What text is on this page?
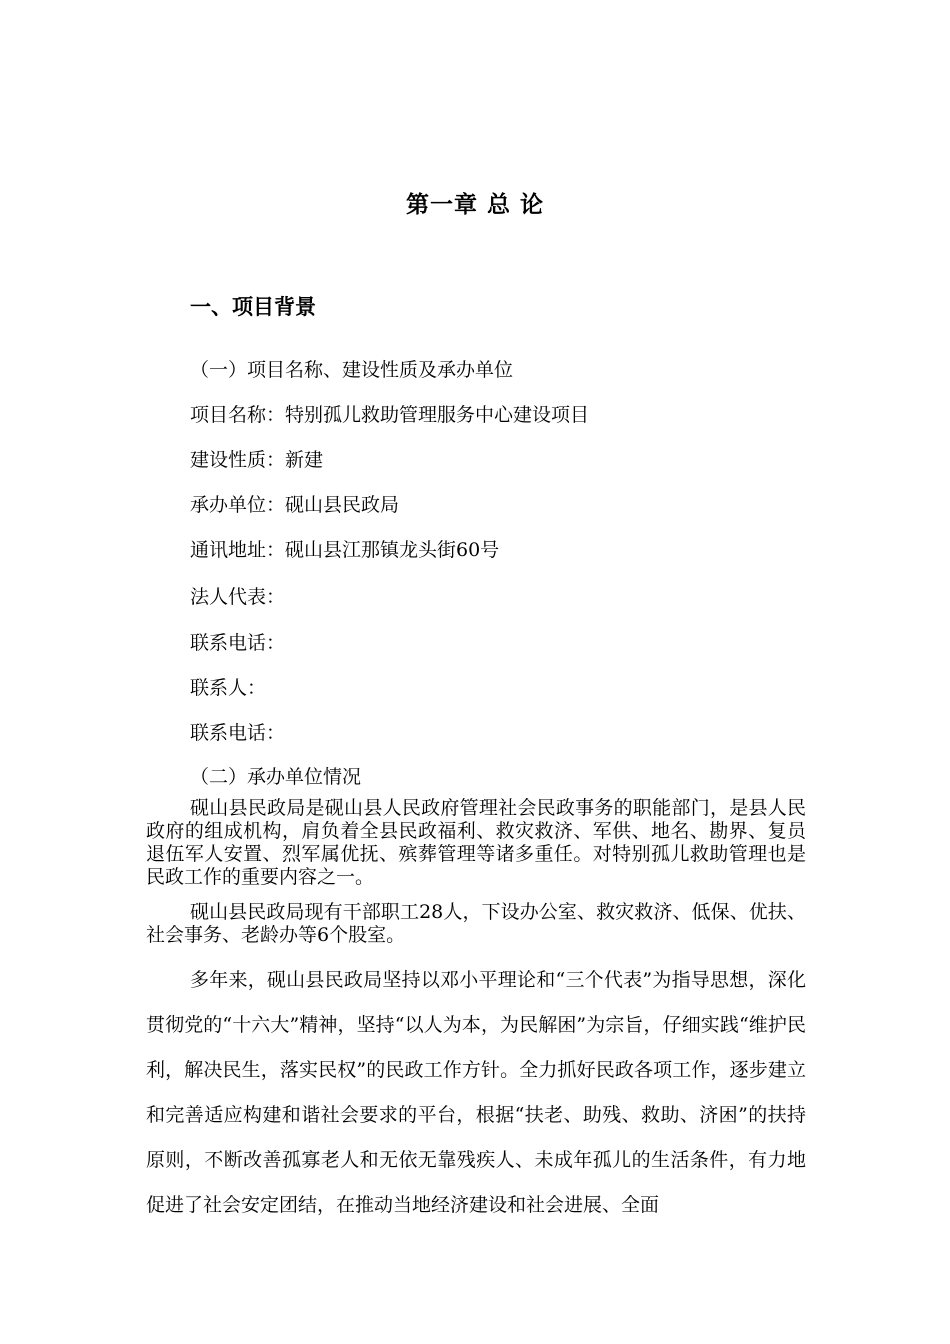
第一章 总 论
一、项目背景
（一）项目名称、建设性质及承办单位
项目名称：特别孤儿救助管理服务中心建设项目
建设性质：新建
承办单位：砚山县民政局
通讯地址：砚山县江那镇龙头街60号
法人代表：
联系电话：
联系人：
联系电话：
（二）承办单位情况

砚山县民政局是砚山县人民政府管理社会民政事务的职能部门，是县人民政府的组成机构，肩负着全县民政福利、救灾救济、军供、地名、勘界、复员退伍军人安置、烈军属优抚、殡葬管理等诸多重任。对特别孤儿救助管理也是民政工作的重要内容之一。

砚山县民政局现有干部职工28人，下设办公室、救灾救济、低保、优扶、社会事务、老龄办等6个股室。

多年来，砚山县民政局坚持以邓小平理论和“三个代表”为指导思想，深化贯彻党的“十六大”精神，坚持“以人为本，为民解困”为宗旨，仔细实践“维护民利，解决民生，落实民权”的民政工作方针。全力抓好民政各项工作，逐步建立和完善适应构建和谐社会要求的平台，根据“扶老、助残、救助、济困”的扶持原则，不断改善孤寡老人和无依无靠残疾人、未成年孤儿的生活条件，有力地促进了社会安定团结，在推动当地经济建设和社会进展、全面
